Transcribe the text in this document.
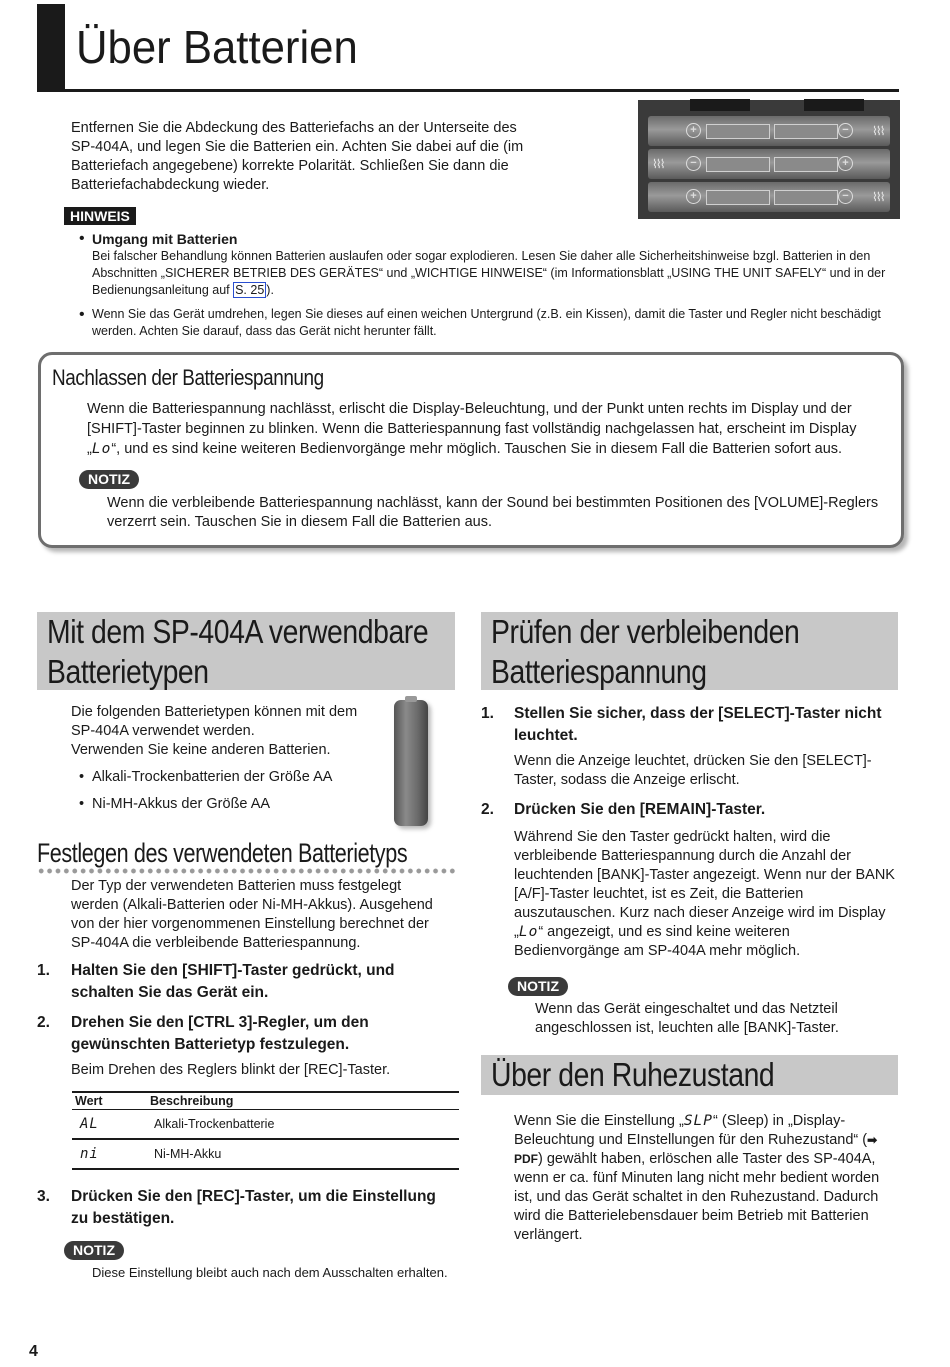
Über Batterien

Entfernen Sie die Abdeckung des Batteriefachs an der Unterseite des SP-404A, und legen Sie die Batterien ein. Achten Sie dabei auf die (im Batteriefach angegebene) korrekte Polarität. Schließen Sie dann die Batteriefachabdeckung wieder.

+	−	⌇⌇⌇
⌇⌇⌇	−	+
+	−	⌇⌇⌇
HINWEIS
• Umgang mit Batterien

Bei falscher Behandlung können Batterien auslaufen oder sogar explodieren. Lesen Sie daher alle Sicherheitshinweise bzgl. Batterien in den Abschnitten „SICHERER BETRIEB DES GERÄTES“ und „WICHTIGE HINWEISE“ (im Informationsblatt „USING THE UNIT SAFELY“ und in der Bedienungsanleitung auf S. 25 ).

• Wenn Sie das Gerät umdrehen, legen Sie dieses auf einen weichen Untergrund (z.B. ein Kissen), damit die Taster und Regler nicht beschädigt werden. Achten Sie darauf, dass das Gerät nicht herunter fällt.

Nachlassen der Batteriespannung

Wenn die Batteriespannung nachlässt, erlischt die Display-Beleuchtung, und der Punkt unten rechts im Display und der [SHIFT]-Taster beginnen zu blinken. Wenn die Batteriespannung fast vollständig nachgelassen hat, erscheint im Display „Lo“, und es sind keine weiteren Bedienvorgänge mehr möglich. Tauschen Sie in diesem Fall die Batterien sofort aus.

NOTIZ

Wenn die verbleibende Batteriespannung nachlässt, kann der Sound bei bestimmten Positionen des [VOLUME]-Reglers verzerrt sein. Tauschen Sie in diesem Fall die Batterien aus.

Mit dem SP-404A verwendbare
Batterietypen

Die folgenden Batterietypen können mit dem SP-404A verwendet werden.

Verwenden Sie keine anderen Batterien.

• Alkali-Trockenbatterien der Größe AA
• Ni-MH-Akkus der Größe AA
Festlegen des verwendeten Batterietyps

Der Typ der verwendeten Batterien muss festgelegt werden (Alkali-Batterien oder Ni-MH-Akkus). Ausgehend von der hier vorgenommenen Einstellung berechnet der SP-404A die verbleibende Batteriespannung.

1. Halten Sie den [SHIFT]-Taster gedrückt, und schalten Sie das Gerät ein.

2. Drehen Sie den [CTRL 3]-Regler, um den gewünschten Batterietyp festzulegen.

Beim Drehen des Reglers blinkt der [REC]-Taster.

Wert	Beschreibung
AL	Alkali-Trockenbatterie
ni	Ni-MH-Akku
3. Drücken Sie den [REC]-Taster, um die Einstellung zu bestätigen.

NOTIZ

Diese Einstellung bleibt auch nach dem Ausschalten erhalten.

4
Prüfen der verbleibenden
Batteriespannung
1. Stellen Sie sicher, dass der [SELECT]-Taster nicht leuchtet.

Wenn die Anzeige leuchtet, drücken Sie den [SELECT]-Taster, sodass die Anzeige erlischt.

2. Drücken Sie den [REMAIN]-Taster.

Während Sie den Taster gedrückt halten, wird die verbleibende Batteriespannung durch die Anzahl der leuchtenden [BANK]-Taster angezeigt. Wenn nur der BANK [A/F]-Taster leuchtet, ist es Zeit, die Batterien auszutauschen. Kurz nach dieser Anzeige wird im Display „Lo“ angezeigt, und es sind keine weiteren Bedienvorgänge am SP-404A mehr möglich.

NOTIZ

Wenn das Gerät eingeschaltet und das Netzteil angeschlossen ist, leuchten alle [BANK]-Taster.

Über den Ruhezustand

Wenn Sie die Einstellung „SLP“ (Sleep) in „Display-Beleuchtung und EInstellungen für den Ruhezustand“ (➡ PDF) gewählt haben, erlöschen alle Taster des SP-404A, wenn er ca. fünf Minuten lang nicht mehr bedient worden ist, und das Gerät schaltet in den Ruhezustand. Dadurch wird die Batterielebensdauer beim Betrieb mit Batterien verlängert.
